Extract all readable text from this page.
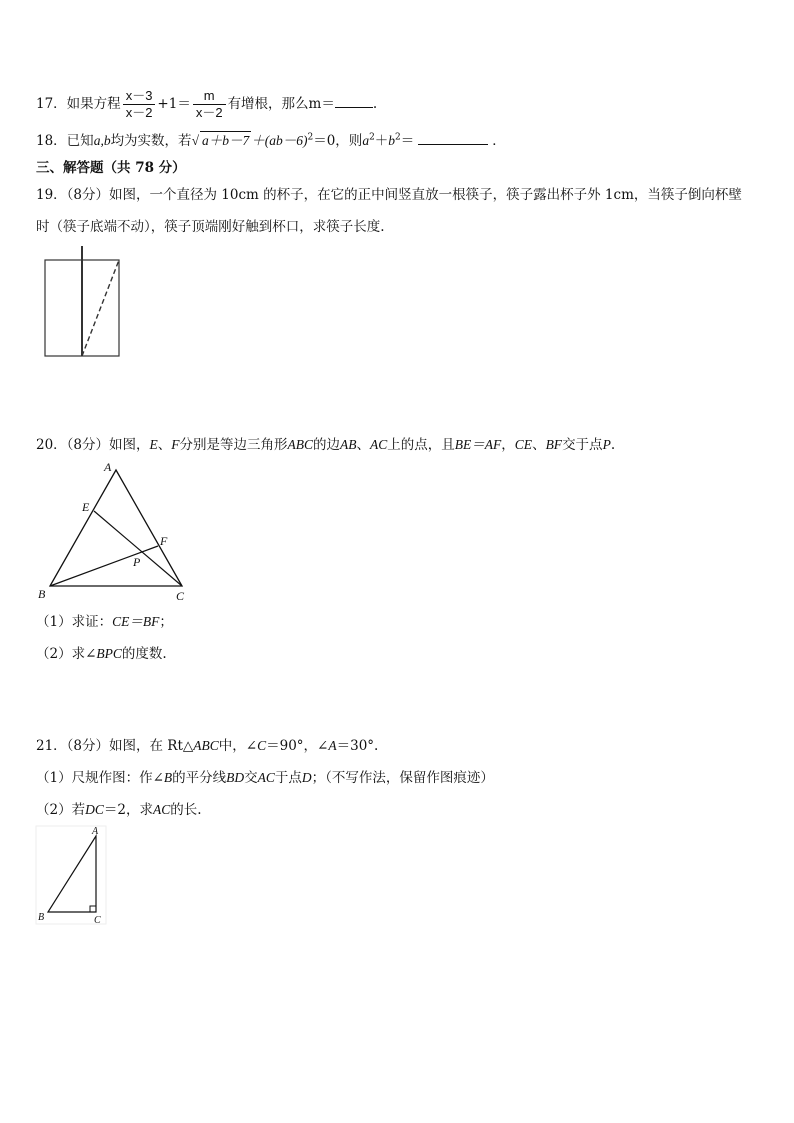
17．如果方程 $\frac{x-3}{x-2} +1= \frac{m}{x-2}$ 有增根，那么m＝	.
18．已知a,b均为实数，若√ $a+b-7 +(ab-6)^2=0$，则$a^2+b^2=$	．
三、解答题（共 78 分）
19．（8分）如图，一个直径为 10cm 的杯子，在它的正中间竖直放一根筷子，筷子露出杯子外 1cm，当筷子倒向杯壁
时（筷子底端不动），筷子顶端刚好触到杯口，求筷子长度.
20．（8分）如图，E、F分别是等边三角形ABC的边AB、AC上的点，且BE＝AF，CE、BF交于点P.
A
E
F
P
B	C
（1）求证：CE＝BF；
（2）求∠BPC的度数.
21．（8分）如图，在 Rt△ABC中，∠C＝90°，∠A＝30°.
（1）尺规作图：作∠B的平分线BD交AC于点D；（不写作法，保留作图痕迹）
（2）若DC＝2，求AC的长.
A
B	C
